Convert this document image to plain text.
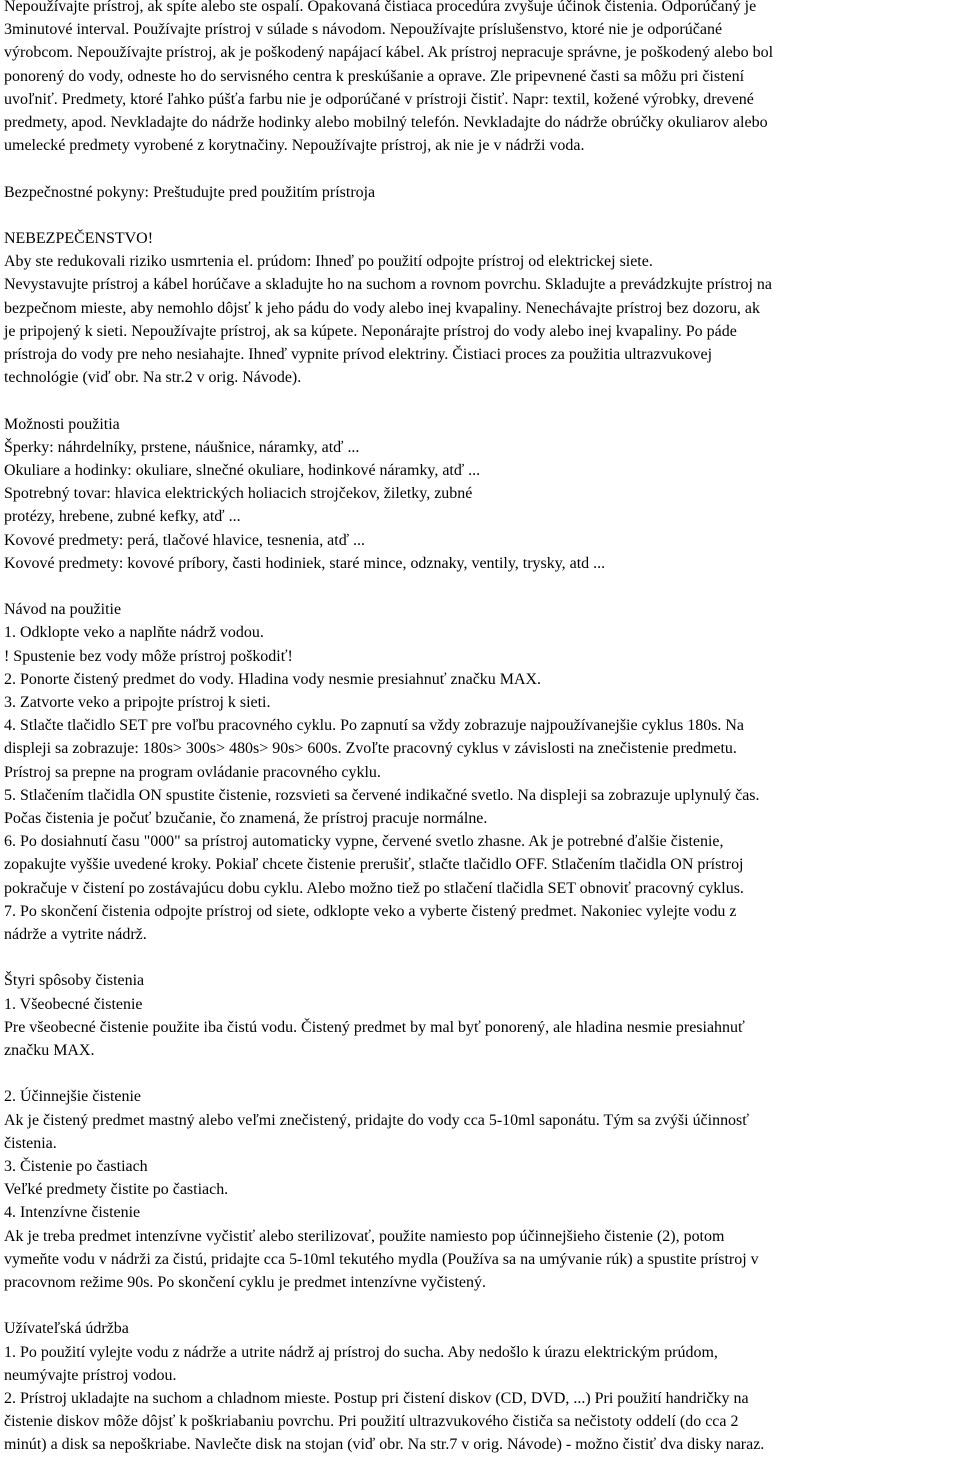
Nepoužívajte prístroj, ak spíte alebo ste ospalí. Opakovaná čistiaca procedúra zvyšuje účinok čistenia. Odporúčaný je
3minutové interval. Používajte prístroj v súlade s návodom. Nepoužívajte príslušenstvo, ktoré nie je odporúčané
výrobcom. Nepoužívajte prístroj, ak je poškodený napájací kábel. Ak prístroj nepracuje správne, je poškodený alebo bol
ponorený do vody, odneste ho do servisného centra k preskúšanie a oprave. Zle pripevnené časti sa môžu pri čistení
uvoľniť. Predmety, ktoré ľahko púšťa farbu nie je odporúčané v prístroji čistiť. Napr: textil, kožené výrobky, drevené
predmety, apod. Nevkladajte do nádrže hodinky alebo mobilný telefón. Nevkladajte do nádrže obrúčky okuliarov alebo
umelecké predmety vyrobené z korytnačiny. Nepoužívajte prístroj, ak nie je v nádrži voda.
Bezpečnostné pokyny: Preštudujte pred použitím prístroja
NEBEZPEČENSTVO!
Aby ste redukovali riziko usmrtenia el. prúdom: Ihneď po použití odpojte prístroj od elektrickej siete.
Nevystavujte prístroj a kábel horúčave a skladujte ho na suchom a rovnom povrchu. Skladujte a prevádzkujte prístroj na
bezpečnom mieste, aby nemohlo dôjsť k jeho pádu do vody alebo inej kvapaliny. Nenechávajte prístroj bez dozoru, ak
je pripojený k sieti. Nepoužívajte prístroj, ak sa kúpete. Neponárajte prístroj do vody alebo inej kvapaliny. Po páde
prístroja do vody pre neho nesiahajte. Ihneď vypnite prívod elektriny. Čistiaci proces za použitia ultrazvukovej
technológie (viď obr. Na str.2 v orig. Návode).
Možnosti použitia
Šperky: náhrdelníky, prstene, náušnice, náramky, atď ...
Okuliare a hodinky: okuliare, slnečné okuliare, hodinkové náramky, atď ...
Spotrebný tovar: hlavica elektrických holiacich strojčekov, žiletky, zubné
protézy, hrebene, zubné kefky, atď ...
Kovové predmety: perá, tlačové hlavice, tesnenia, atď ...
Kovové predmety: kovové príbory, časti hodiniek, staré mince, odznaky, ventily, trysky, atd ...
Návod na použitie
1. Odklopte veko a naplňte nádrž vodou.
! Spustenie bez vody môže prístroj poškodiť!
2. Ponorte čistený predmet do vody. Hladina vody nesmie presiahnuť značku MAX.
3. Zatvorte veko a pripojte prístroj k sieti.
4. Stlačte tlačidlo SET pre voľbu pracovného cyklu. Po zapnutí sa vždy zobrazuje najpoužívanejšie cyklus 180s. Na
displeji sa zobrazuje: 180s> 300s> 480s> 90s> 600s. Zvoľte pracovný cyklus v závislosti na znečistenie predmetu.
Prístroj sa prepne na program ovládanie pracovného cyklu.
5. Stlačením tlačidla ON spustite čistenie, rozsvieti sa červené indikačné svetlo. Na displeji sa zobrazuje uplynulý čas.
Počas čistenia je počuť bzučanie, čo znamená, že prístroj pracuje normálne.
6. Po dosiahnutí času "000" sa prístroj automaticky vypne, červené svetlo zhasne. Ak je potrebné ďalšie čistenie,
zopakujte vyššie uvedené kroky. Pokiaľ chcete čistenie prerušiť, stlačte tlačidlo OFF. Stlačením tlačidla ON prístroj
pokračuje v čistení po zostávajúcu dobu cyklu. Alebo možno tiež po stlačení tlačidla SET obnoviť pracovný cyklus.
7. Po skončení čistenia odpojte prístroj od siete, odklopte veko a vyberte čistený predmet. Nakoniec vylejte vodu z
nádrže a vytrite nádrž.
Štyri spôsoby čistenia
1. Všeobecné čistenie
Pre všeobecné čistenie použite iba čistú vodu. Čistený predmet by mal byť ponorený, ale hladina nesmie presiahnuť
značku MAX.
2. Účinnejšie čistenie
Ak je čistený predmet mastný alebo veľmi znečistený, pridajte do vody cca 5-10ml saponátu. Tým sa zvýši účinnosť
čistenia.
3. Čistenie po častiach
Veľké predmety čistite po častiach.
4. Intenzívne čistenie
Ak je treba predmet intenzívne vyčistiť alebo sterilizovať, použite namiesto pop účinnejšieho čistenie (2), potom
vymeňte vodu v nádrži za čistú, pridajte cca 5-10ml tekutého mydla (Používa sa na umývanie rúk) a spustite prístroj v
pracovnom režime 90s. Po skončení cyklu je predmet intenzívne vyčistený.
Užívateľská údržba
1. Po použití vylejte vodu z nádrže a utrite nádrž aj prístroj do sucha. Aby nedošlo k úrazu elektrickým prúdom,
neumývajte prístroj vodou.
2. Prístroj ukladajte na suchom a chladnom mieste. Postup pri čistení diskov (CD, DVD, ...) Pri použití handričky na
čistenie diskov môže dôjsť k poškriabaniu povrchu. Pri použití ultrazvukového čističa sa nečistoty oddelí (do cca 2
minút) a disk sa nepoškriabe. Navlečte disk na stojan (viď obr. Na str.7 v orig. Návode) - možno čistiť dva disky naraz.
